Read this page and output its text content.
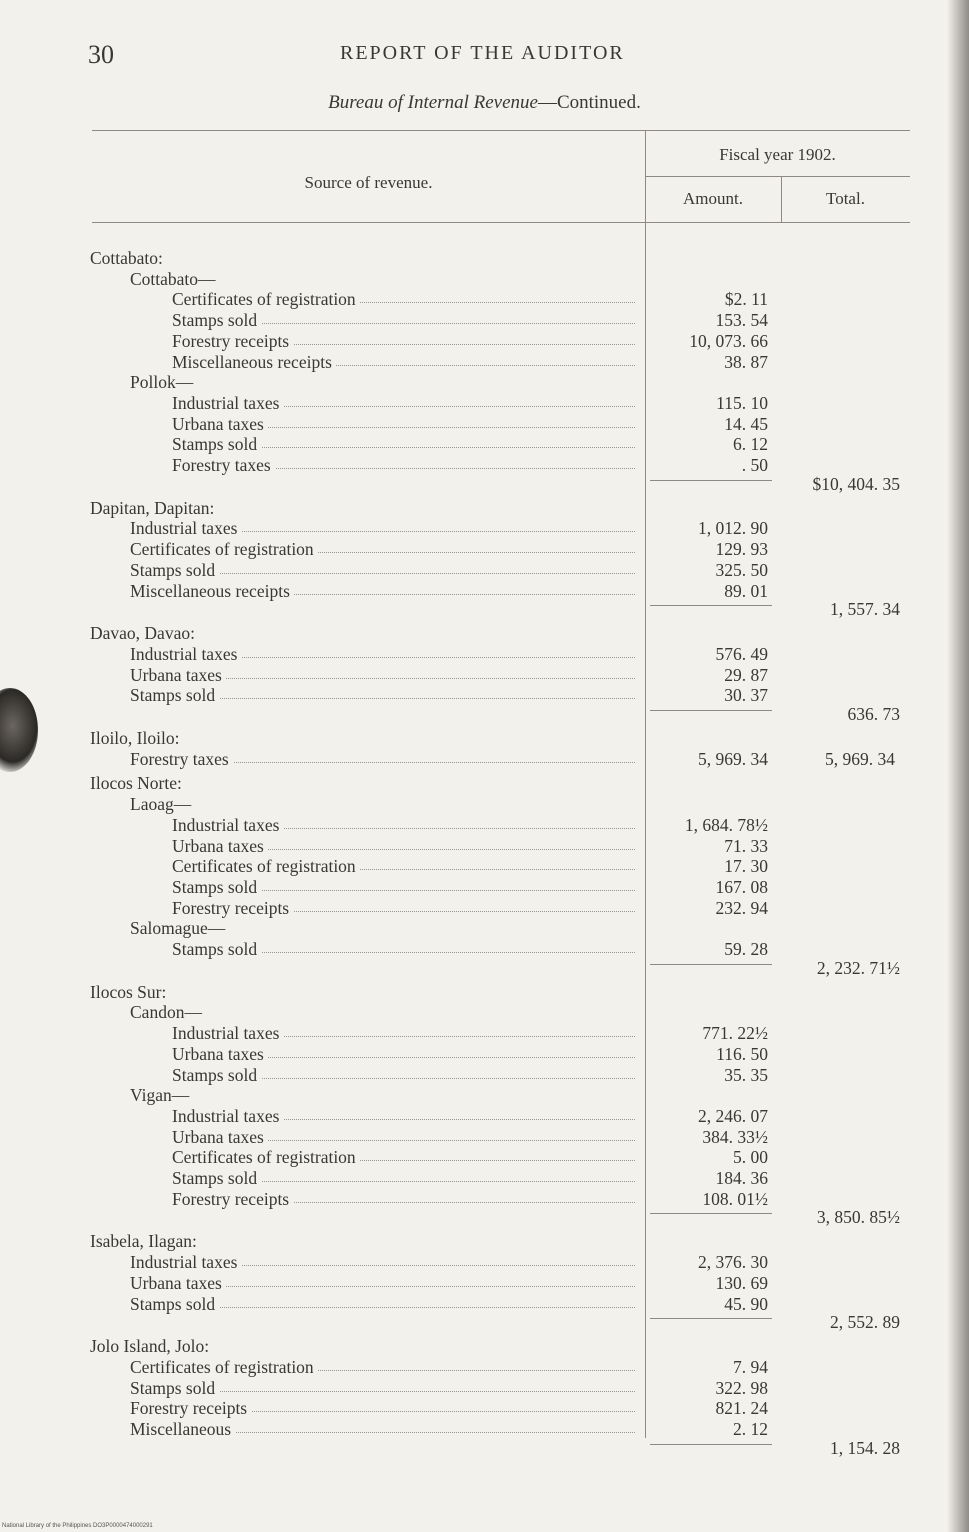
30	REPORT OF THE AUDITOR
Bureau of Internal Revenue—Continued.
Source of revenue.
Fiscal year 1902.
Amount.	Total.
Cottabato:
Cottabato—
Certificates of registration	$2. 11
Stamps sold	153. 54
Forestry receipts	10, 073. 66
Miscellaneous receipts	38. 87
Pollok—
Industrial taxes	115. 10
Urbana taxes	14. 45
Stamps sold	6. 12
Forestry taxes	. 50
$10, 404. 35
Dapitan, Dapitan:
Industrial taxes	1, 012. 90
Certificates of registration	129. 93
Stamps sold	325. 50
Miscellaneous receipts	89. 01
1, 557. 34
Davao, Davao:
Industrial taxes	576. 49
Urbana taxes	29. 87
Stamps sold	30. 37
636. 73
Iloilo, Iloilo:
Forestry taxes	5, 969. 34	5, 969. 34
Ilocos Norte:
Laoag—
Industrial taxes	1, 684. 78½
Urbana taxes	71. 33
Certificates of registration	17. 30
Stamps sold	167. 08
Forestry receipts	232. 94
Salomague—
Stamps sold	59. 28
2, 232. 71½
Ilocos Sur:
Candon—
Industrial taxes	771. 22½
Urbana taxes	116. 50
Stamps sold	35. 35
Vigan—
Industrial taxes	2, 246. 07
Urbana taxes	384. 33½
Certificates of registration	5. 00
Stamps sold	184. 36
Forestry receipts	108. 01½
3, 850. 85½
Isabela, Ilagan:
Industrial taxes	2, 376. 30
Urbana taxes	130. 69
Stamps sold	45. 90
2, 552. 89
Jolo Island, Jolo:
Certificates of registration	7. 94
Stamps sold	322. 98
Forestry receipts	821. 24
Miscellaneous	2. 12
1, 154. 28
National Library of the Philippines DO3P0000474000291
